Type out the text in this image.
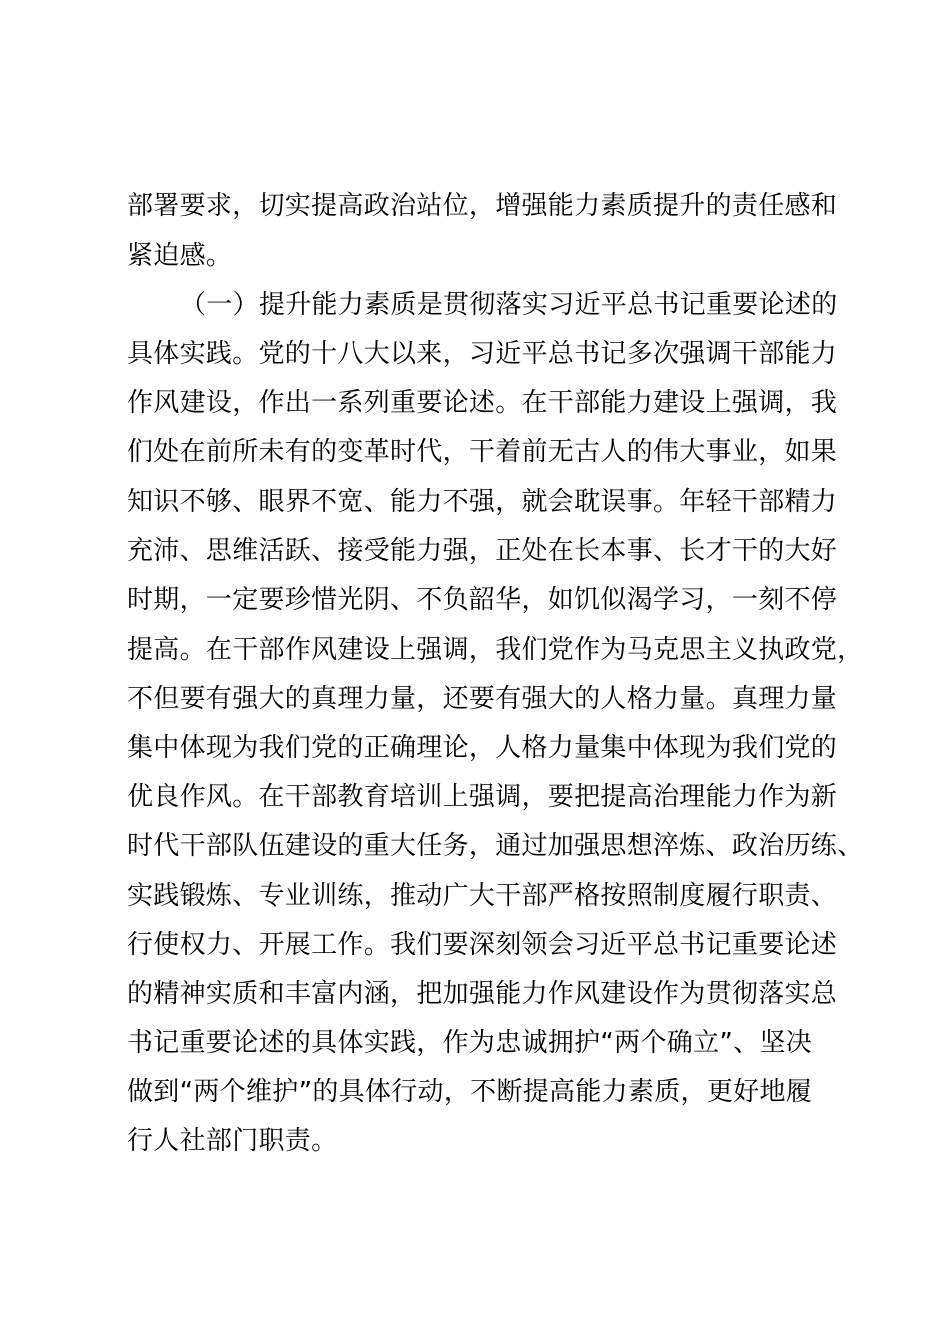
部署要求，切实提高政治站位，增强能力素质提升的责任感和
紧迫感。
（一）提升能力素质是贯彻落实习近平总书记重要论述的
具体实践。党的十八大以来，习近平总书记多次强调干部能力
作风建设，作出一系列重要论述。在干部能力建设上强调，我
们处在前所未有的变革时代，干着前无古人的伟大事业，如果
知识不够、眼界不宽、能力不强，就会耽误事。年轻干部精力
充沛、思维活跃、接受能力强，正处在长本事、长才干的大好
时期，一定要珍惜光阴、不负韶华，如饥似渴学习，一刻不停
提高。在干部作风建设上强调，我们党作为马克思主义执政党，
不但要有强大的真理力量，还要有强大的人格力量。真理力量
集中体现为我们党的正确理论，人格力量集中体现为我们党的
优良作风。在干部教育培训上强调，要把提高治理能力作为新
时代干部队伍建设的重大任务，通过加强思想淬炼、政治历练、
实践锻炼、专业训练，推动广大干部严格按照制度履行职责、
行使权力、开展工作。我们要深刻领会习近平总书记重要论述
的精神实质和丰富内涵，把加强能力作风建设作为贯彻落实总
书记重要论述的具体实践，作为忠诚拥护“两个确立”、坚决
做到“两个维护”的具体行动，不断提高能力素质，更好地履
行人社部门职责。
